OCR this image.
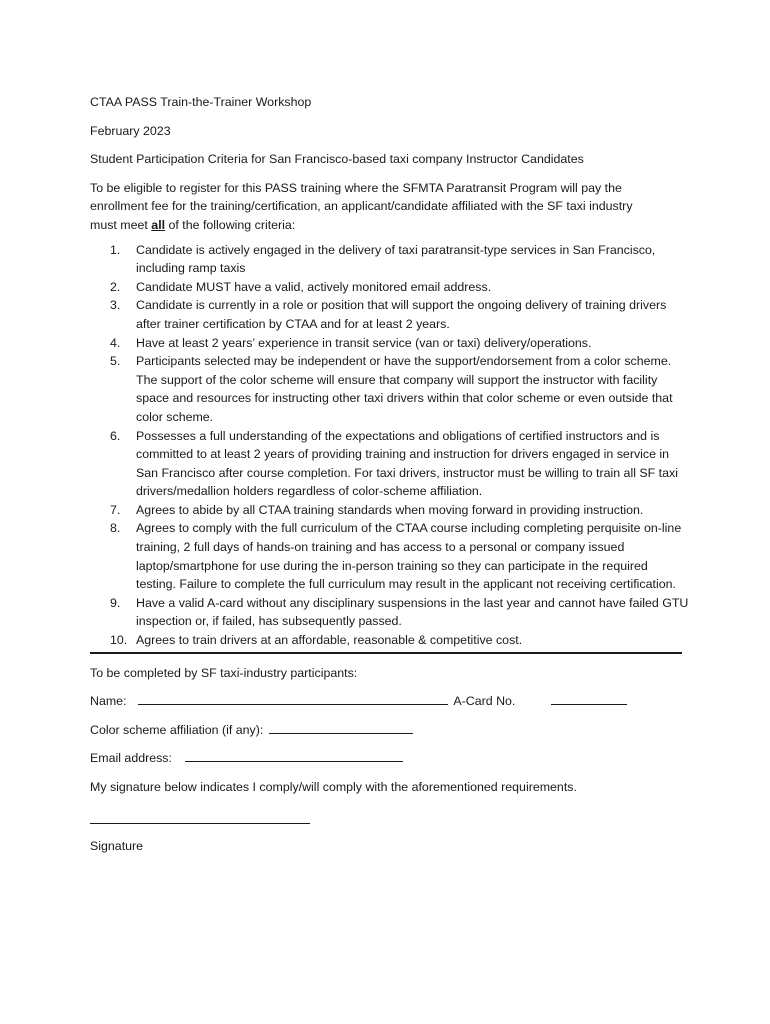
CTAA PASS Train-the-Trainer Workshop

February 2023

Student Participation Criteria for San Francisco-based taxi company Instructor Candidates

To be eligible to register for this PASS training where the SFMTA Paratransit Program will pay the enrollment fee for the training/certification, an applicant/candidate affiliated with the SF taxi industry must meet all of the following criteria:

1.	Candidate is actively engaged in the delivery of taxi paratransit-type services in San Francisco, including ramp taxis
2.	Candidate MUST have a valid, actively monitored email address.
3.	Candidate is currently in a role or position that will support the ongoing delivery of training drivers after trainer certification by CTAA and for at least 2 years.
4.	Have at least 2 years’ experience in transit service (van or taxi) delivery/operations.
5.	Participants selected may be independent or have the support/endorsement from a color scheme. The support of the color scheme will ensure that company will support the instructor with facility space and resources for instructing other taxi drivers within that color scheme or even outside that color scheme.
6.	Possesses a full understanding of the expectations and obligations of certified instructors and is committed to at least 2 years of providing training and instruction for drivers engaged in service in San Francisco after course completion. For taxi drivers, instructor must be willing to train all SF taxi drivers/medallion holders regardless of color-scheme affiliation.
7.	Agrees to abide by all CTAA training standards when moving forward in providing instruction.
8.	Agrees to comply with the full curriculum of the CTAA course including completing perquisite on-line training, 2 full days of hands-on training and has access to a personal or company issued laptop/smartphone for use during the in-person training so they can participate in the required testing. Failure to complete the full curriculum may result in the applicant not receiving certification.
9.	Have a valid A-card without any disciplinary suspensions in the last year and cannot have failed GTU inspection or, if failed, has subsequently passed.
10. Agrees to train drivers at an affordable, reasonable & competitive cost.

To be completed by SF taxi-industry participants:

Name:	A-Card No.
Color scheme affiliation (if any):
Email address:

My signature below indicates I comply/will comply with the aforementioned requirements.

Signature
